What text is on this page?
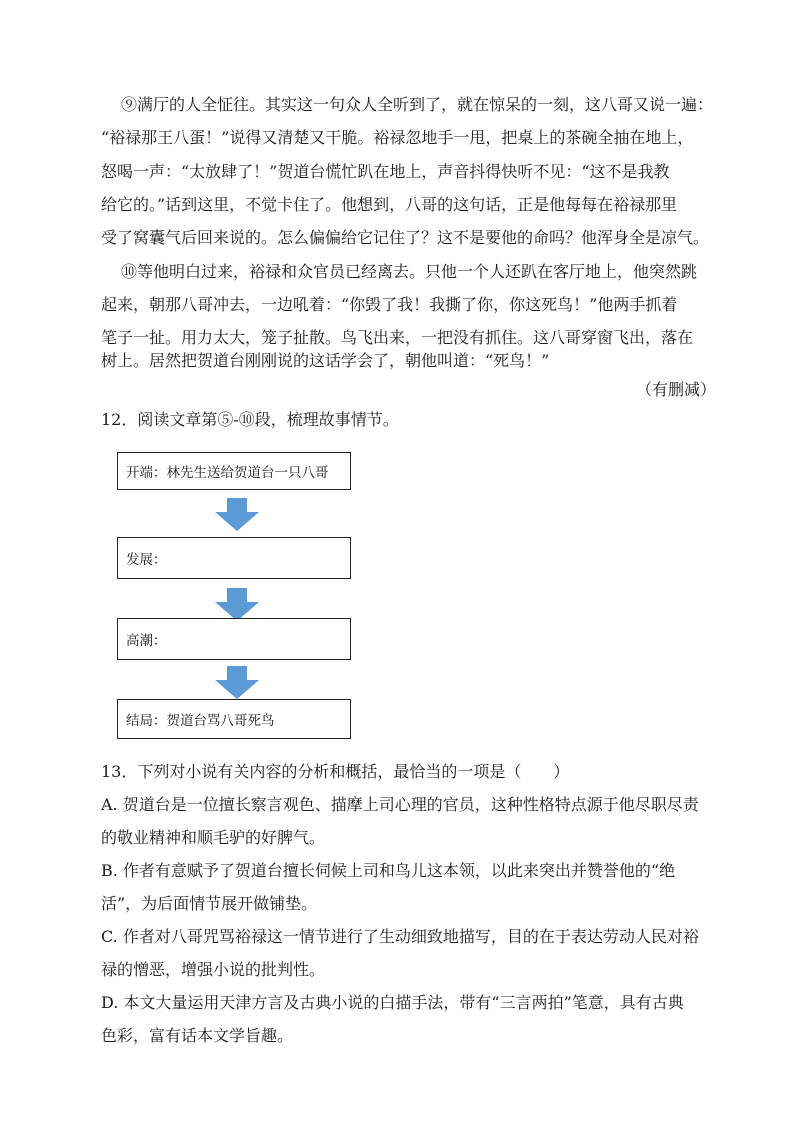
⑨满厅的人全怔往。其实这一句众人全听到了，就在惊呆的一刻，这八哥又说一遍：
“裕禄那王八蛋！”说得又清楚又干脆。裕禄忽地手一甩，把桌上的茶碗全抽在地上，
怒喝一声：“太放肆了！”贺道台慌忙趴在地上，声音抖得快听不见：“这不是我教
给它的。”话到这里，不觉卡住了。他想到，八哥的这句话，正是他每每在裕禄那里
受了窝囊气后回来说的。怎么偏偏给它记住了？这不是要他的命吗？他浑身全是凉气。
⑩等他明白过来，裕禄和众官员已经离去。只他一个人还趴在客厅地上，他突然跳
起来，朝那八哥冲去，一边吼着：“你毁了我！我撕了你，你这死鸟！”他两手抓着
笔子一扯。用力太大，笼子扯散。鸟飞出来，一把没有抓住。这八哥穿窗飞出，落在
树上。居然把贺道台刚刚说的这话学会了，朝他叫道：“死鸟！”
（有删减）
12．阅读文章第⑤-⑩段，梳理故事情节。
开端：林先生送给贺道台一只八哥
发展：
高潮：
结局：贺道台骂八哥死鸟
13．下列对小说有关内容的分析和概括，最恰当的一项是（　　）
A. 贺道台是一位擅长察言观色、描摩上司心理的官员，这种性格特点源于他尽职尽责
的敬业精神和顺毛驴的好脾气。
B. 作者有意赋予了贺道台擅长伺候上司和鸟儿这本领，以此来突出并赞誉他的“绝
活”，为后面情节展开做铺垫。
C. 作者对八哥咒骂裕禄这一情节进行了生动细致地描写，目的在于表达劳动人民对裕
禄的憎恶，增强小说的批判性。
D. 本文大量运用天津方言及古典小说的白描手法，带有“三言两拍”笔意，具有古典
色彩，富有话本文学旨趣。
